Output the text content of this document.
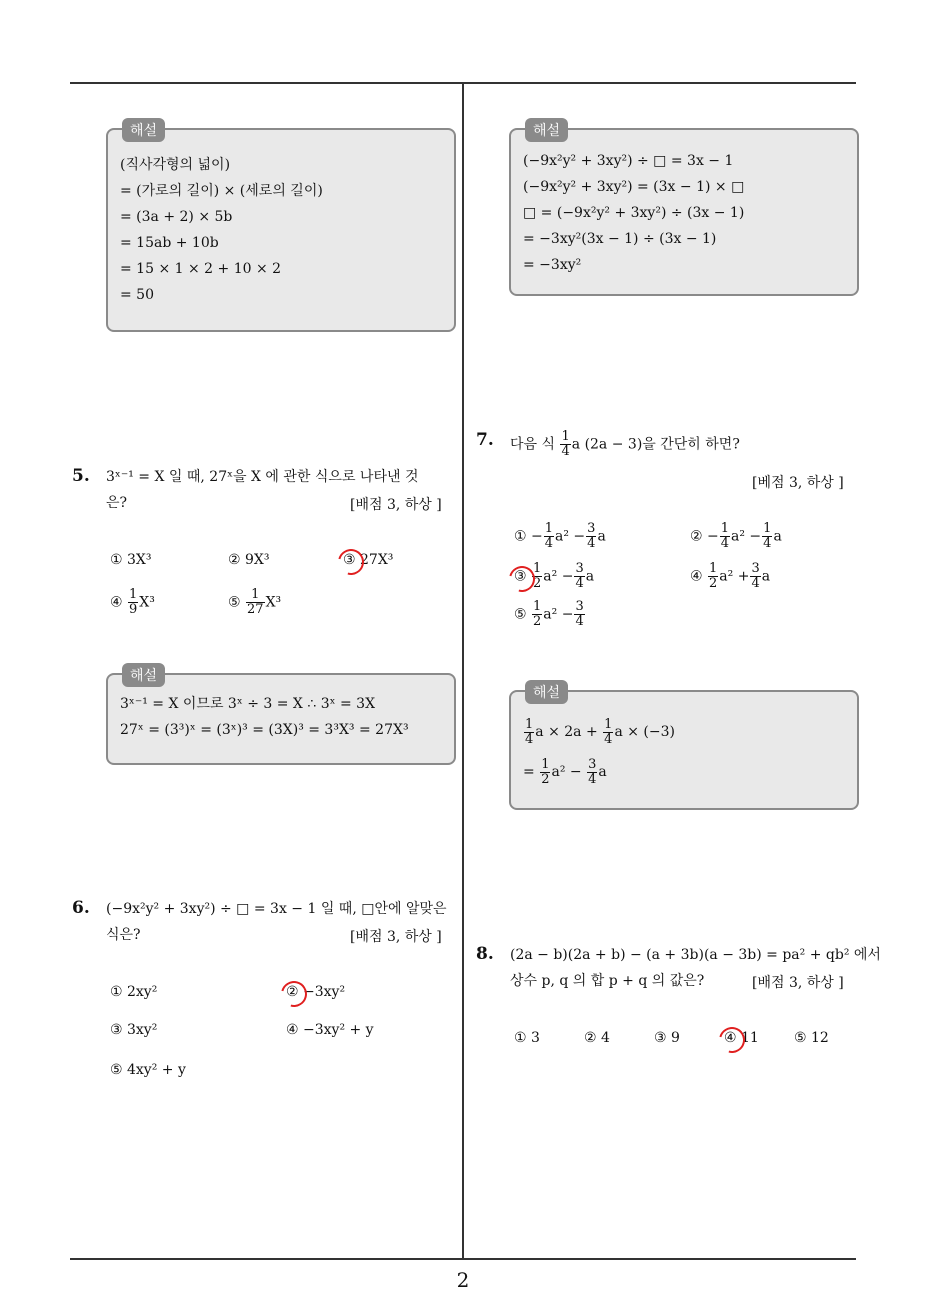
해설
(직사각형의 넓이)
= (가로의 길이) × (세로의 길이)
= (3a + 2) × 5b
= 15ab + 10b
= 15 × 1 × 2 + 10 × 2
= 50
해설
(−9x²y² + 3xy²) ÷ □ = 3x − 1
(−9x²y² + 3xy²) = (3x − 1) × □
□ = (−9x²y² + 3xy²) ÷ (3x − 1)
= −3xy²(3x − 1) ÷ (3x − 1)
= −3xy²
5. 3ˣ⁻¹ = X 일 때, 27ˣ을 X 에 관한 식으로 나타낸 것
은?	[배점 3, 하상 ]
① 3X³	② 9X³	③ 27X³
④ $\frac{1}{9} X^3$	⑤ $\frac{1}{27} X^3$
해설
3ˣ⁻¹ = X 이므로 3ˣ ÷ 3 = X ∴ 3ˣ = 3X
27ˣ = (3³)ˣ = (3ˣ)³ = (3X)³ = 3³X³ = 27X³
6. (−9x²y² + 3xy²) ÷ □ = 3x − 1 일 때, □안에 알맞은
식은?	[배점 3, 하상 ]
① 2xy²	② −3xy²
③ 3xy²	④ −3xy² + y
⑤ 4xy² + y
7. 다음 식 $\frac{1}{4}$ a (2a − 3)을 간단히 하면?
[베점 3, 하상 ]
① − $\frac{1}{4} a^2 - \frac{3}{4}$ a	② − $\frac{1}{4} a^2 - \frac{1}{4}$ a
③ $\frac{1}{2} a^2 - \frac{3}{4}$ a	④ $\frac{1}{2} a^2 + \frac{3}{4}$ a
⑤ $\frac{1}{2} a^2 - \frac{3}{4}$
해설
$\frac{1}{4}$ $a \times 2a + \frac{1}{4}$ a × (−3)
= $\frac{1}{2} a^2 - \frac{3}{4}$ a
8. (2a − b)(2a + b) − (a + 3b)(a − 3b) = pa² + qb² 에서
상수 p, q 의 합 p + q 의 값은?	[배점 3, 하상 ]
① 3	② 4	③ 9	④ 11	⑤ 12
2
